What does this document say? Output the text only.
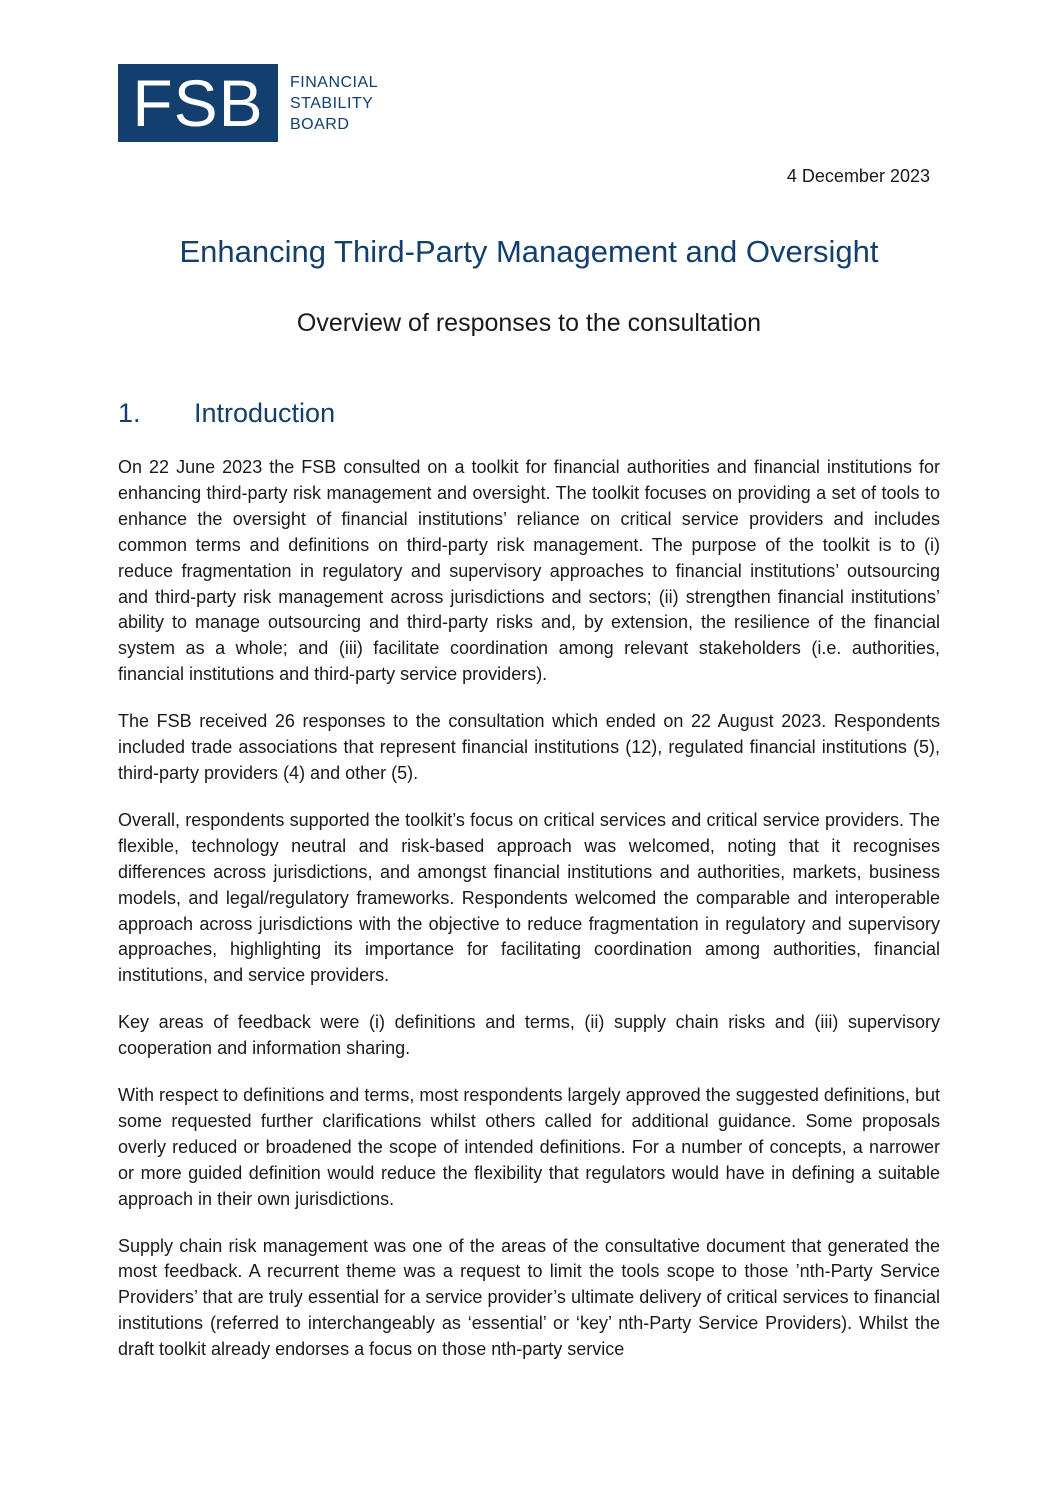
FSB	FINANCIAL
STABILITY
BOARD
4 December 2023
Enhancing Third-Party Management and Oversight
Overview of responses to the consultation
1.	Introduction

On 22 June 2023 the FSB consulted on a toolkit for financial authorities and financial institutions for enhancing third-party risk management and oversight. The toolkit focuses on providing a set of tools to enhance the oversight of financial institutions’ reliance on critical service providers and includes common terms and definitions on third-party risk management. The purpose of the toolkit is to (i) reduce fragmentation in regulatory and supervisory approaches to financial institutions’ outsourcing and third-party risk management across jurisdictions and sectors; (ii) strengthen financial institutions’ ability to manage outsourcing and third-party risks and, by extension, the resilience of the financial system as a whole; and (iii) facilitate coordination among relevant stakeholders (i.e. authorities, financial institutions and third-party service providers).

The FSB received 26 responses to the consultation which ended on 22 August 2023. Respondents included trade associations that represent financial institutions (12), regulated financial institutions (5), third-party providers (4) and other (5).

Overall, respondents supported the toolkit’s focus on critical services and critical service providers. The flexible, technology neutral and risk-based approach was welcomed, noting that it recognises differences across jurisdictions, and amongst financial institutions and authorities, markets, business models, and legal/regulatory frameworks. Respondents welcomed the comparable and interoperable approach across jurisdictions with the objective to reduce fragmentation in regulatory and supervisory approaches, highlighting its importance for facilitating coordination among authorities, financial institutions, and service providers.

Key areas of feedback were (i) definitions and terms, (ii) supply chain risks and (iii) supervisory cooperation and information sharing.

With respect to definitions and terms, most respondents largely approved the suggested definitions, but some requested further clarifications whilst others called for additional guidance. Some proposals overly reduced or broadened the scope of intended definitions. For a number of concepts, a narrower or more guided definition would reduce the flexibility that regulators would have in defining a suitable approach in their own jurisdictions.

Supply chain risk management was one of the areas of the consultative document that generated the most feedback. A recurrent theme was a request to limit the tools scope to those ’nth-Party Service Providers’ that are truly essential for a service provider’s ultimate delivery of critical services to financial institutions (referred to interchangeably as ‘essential’ or ‘key’ nth-Party Service Providers). Whilst the draft toolkit already endorses a focus on those nth-party service
